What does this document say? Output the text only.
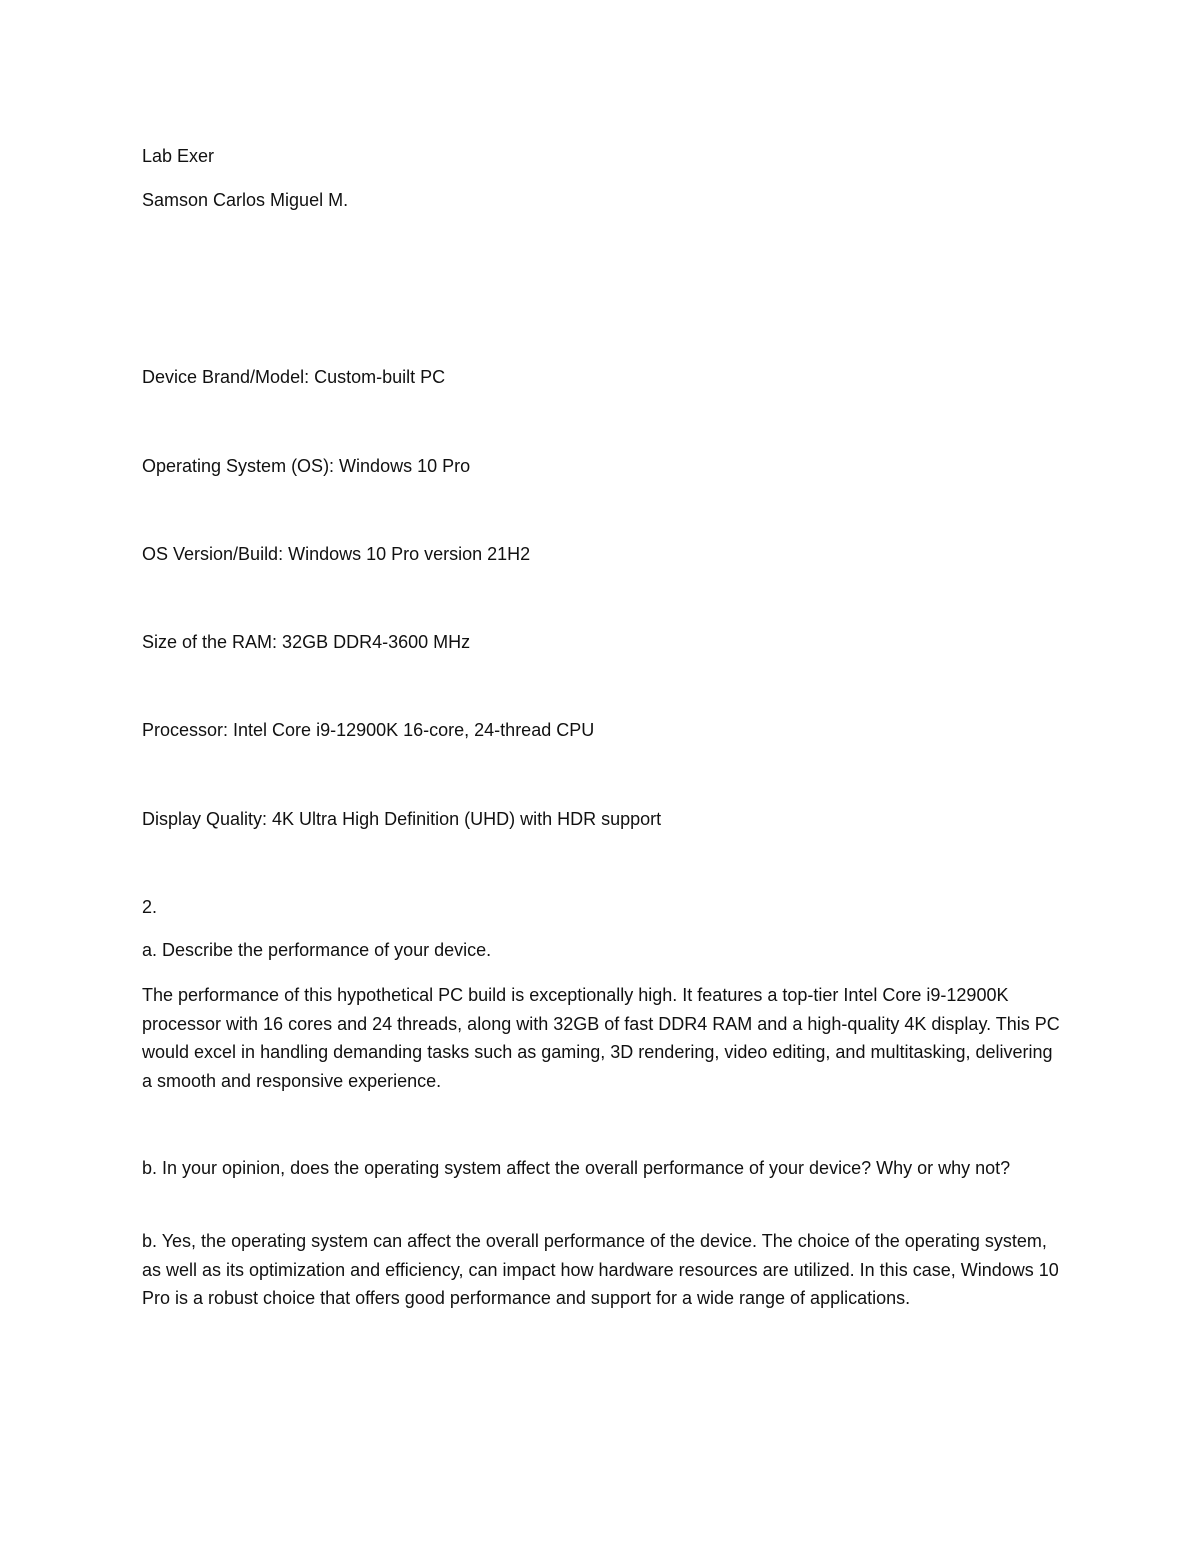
Lab Exer
Samson Carlos Miguel M.
Device Brand/Model: Custom-built PC
Operating System (OS): Windows 10 Pro
OS Version/Build: Windows 10 Pro version 21H2
Size of the RAM: 32GB DDR4-3600 MHz
Processor: Intel Core i9-12900K 16-core, 24-thread CPU
Display Quality: 4K Ultra High Definition (UHD) with HDR support
2.
a. Describe the performance of your device.
The performance of this hypothetical PC build is exceptionally high. It features a top-tier Intel Core i9-12900K processor with 16 cores and 24 threads, along with 32GB of fast DDR4 RAM and a high-quality 4K display. This PC would excel in handling demanding tasks such as gaming, 3D rendering, video editing, and multitasking, delivering a smooth and responsive experience.
b. In your opinion, does the operating system affect the overall performance of your device? Why or why not?
b. Yes, the operating system can affect the overall performance of the device. The choice of the operating system, as well as its optimization and efficiency, can impact how hardware resources are utilized. In this case, Windows 10 Pro is a robust choice that offers good performance and support for a wide range of applications.
